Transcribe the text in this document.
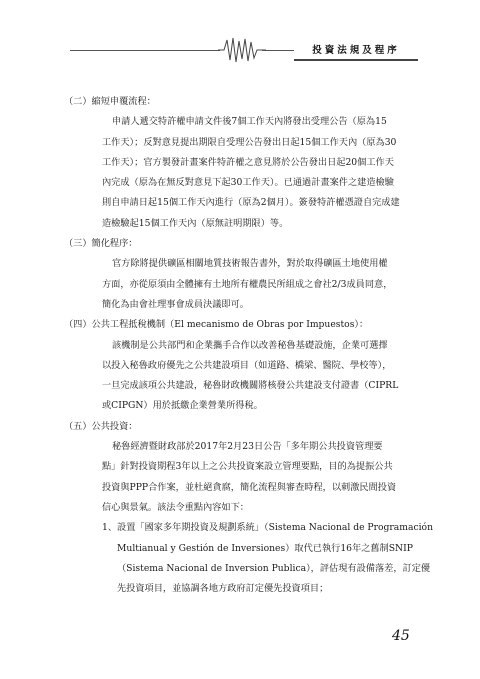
投資法規及程序
（二）縮短申覆流程：
申請人遞交特許權申請文件後7個工作天內將發出受理公告（原為15
工作天）；反對意見提出期限自受理公告發出日起15個工作天內（原為30
工作天）；官方製發計畫案件特許權之意見將於公告發出日起20個工作天
內完成（原為在無反對意見下起30工作天）。已通過計畫案件之建造檢驗
則自申請日起15個工作天內進行（原為2個月）。簽發特許權憑證自完成建
造檢驗起15個工作天內（原無註明期限）等。
（三）簡化程序：
官方除將提供礦區相關地質技術報告書外，對於取得礦區土地使用權
方面，亦從原須由全體擁有土地所有權農民所組成之會社2/3成員同意，
簡化為由會社理事會成員決議即可。
（四）公共工程抵稅機制（El mecanismo de Obras por Impuestos）：
該機制是公共部門和企業攜手合作以改善秘魯基礎設施，企業可選擇
以投入秘魯政府優先之公共建設項目（如道路、橋梁、醫院、學校等），
一旦完成該項公共建設，秘魯財政機關將核發公共建設支付證書（CIPRL
或CIPGN）用於抵繳企業營業所得稅。
（五）公共投資：
秘魯經濟暨財政部於2017年2月23日公告「多年期公共投資管理要
點」針對投資期程3年以上之公共投資案設立管理要點，目的為提振公共
投資與PPP合作案，並杜絕貪腐，簡化流程與審查時程，以刺激民間投資
信心與景氣。該法令重點內容如下：
1、設置「國家多年期投資及規劃系統」（Sistema Nacional de Programación
Multianual y Gestión de Inversiones）取代已執行16年之舊制SNIP
（Sistema Nacional de Inversion Publica），評估現有設備落差，訂定優
先投資項目，並協調各地方政府訂定優先投資項目；
45
